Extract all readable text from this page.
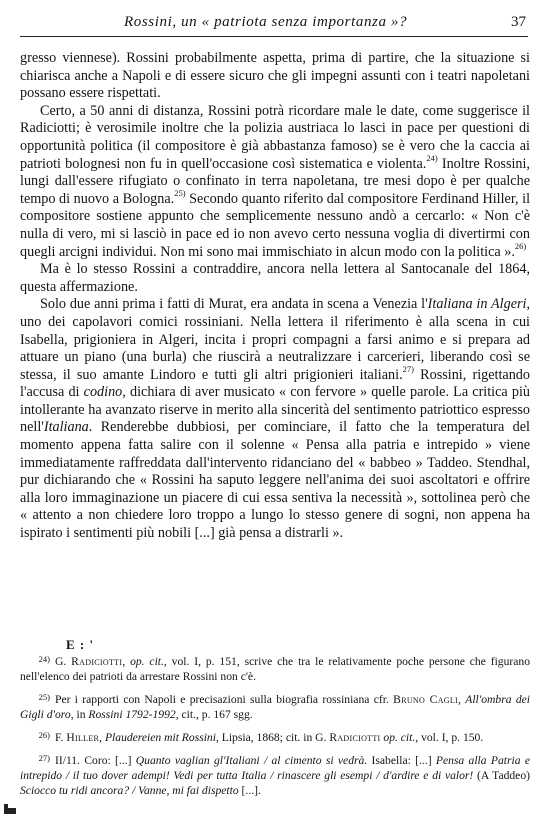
Rossini, un « patriota senza importanza »?	37

gresso viennese). Rossini probabilmente aspetta, prima di partire, che la situazione si chiarisca anche a Napoli e di essere sicuro che gli impegni assunti con i teatri napoletani possano essere rispettati.

Certo, a 50 anni di distanza, Rossini potrà ricordare male le date, come suggerisce il Radiciotti; è verosimile inoltre che la polizia austriaca lo lasci in pace per questioni di opportunità politica (il compositore è già abbastanza famoso) se è vero che la caccia ai patrioti bolognesi non fu in quell'occasione così sistematica e violenta.$^{24)}$ Inoltre Rossini, lungi dall'essere rifugiato o confinato in terra napoletana, tre mesi dopo è per qualche tempo di nuovo a Bologna.$^{25)}$ Secondo quanto riferito dal compositore Ferdinand Hiller, il compositore sostiene appunto che semplicemente nessuno andò a cercarlo: « Non c'è nulla di vero, mi si lasciò in pace ed io non avevo certo nessuna voglia di divertirmi con quegli arcigni individui. Non mi sono mai immischiato in alcun modo con la politica ».$^{26)}$

Ma è lo stesso Rossini a contraddire, ancora nella lettera al Santocanale del 1864, questa affermazione.

Solo due anni prima i fatti di Murat, era andata in scena a Venezia l'Italiana in Algeri, uno dei capolavori comici rossiniani. Nella lettera il riferimento è alla scena in cui Isabella, prigioniera in Algeri, incita i propri compagni a farsi animo e si prepara ad attuare un piano (una burla) che riuscirà a neutralizzare i carcerieri, liberando così se stessa, il suo amante Lindoro e tutti gli altri prigionieri italiani.$^{27)}$ Rossini, rigettando l'accusa di codino, dichiara di aver musicato « con fervore » quelle parole. La critica più intollerante ha avanzato riserve in merito alla sincerità del sentimento patriottico espresso nell'Italiana. Renderebbe dubbiosi, per cominciare, il fatto che la temperatura del momento appena fatta salire con il solenne « Pensa alla patria e intrepido » viene immediatamente raffreddata dall'intervento ridanciano del « babbeo » Taddeo. Stendhal, pur dichiarando che « Rossini ha saputo leggere nell'anima dei suoi ascoltatori e offrire alla loro immaginazione un piacere di cui essa sentiva la necessità », sottolinea però che « attento a non chiedere loro troppo a lungo lo stesso genere di sogni, non appena ha ispirato i sentimenti più nobili [...] già pensa a distrarli ».

E : '

24) G. Radiciotti, op. cit., vol. I, p. 151, scrive che tra le relativamente poche persone che figurano nell'elenco dei patrioti da arrestare Rossini non c'è.

25) Per i rapporti con Napoli e precisazioni sulla biografia rossiniana cfr. Bruno Cagli, All'ombra dei Gigli d'oro, in Rossini 1792-1992, cit., p. 167 sgg.

26) F. Hiller, Plaudereien mit Rossini, Lipsia, 1868; cit. in G. Radiciotti op. cit., vol. I, p. 150.

27) II/11. Coro: [...] Quanto vaglian gl'Italiani / al cimento si vedrà. Isabella: [...] Pensa alla Patria e intrepido / il tuo dover adempi! Vedi per tutta Italia / rinascere gli esempi / d'ardire e di valor! (A Taddeo) Sciocco tu ridi ancora? / Vanne, mi fai dispetto [...].
